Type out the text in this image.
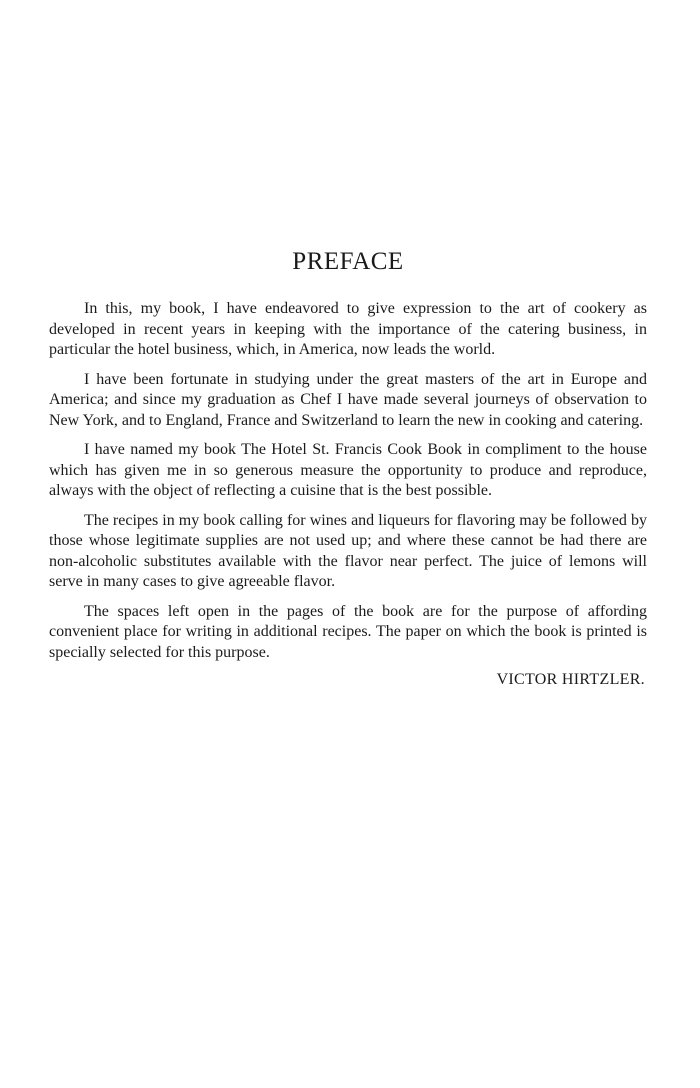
PREFACE

In this, my book, I have endeavored to give expression to the art of cookery as developed in recent years in keeping with the importance of the catering business, in particular the hotel business, which, in America, now leads the world.

I have been fortunate in studying under the great masters of the art in Europe and America; and since my graduation as Chef I have made several journeys of observation to New York, and to England, France and Switzerland to learn the new in cooking and catering.

I have named my book The Hotel St. Francis Cook Book in compliment to the house which has given me in so generous measure the opportunity to produce and reproduce, always with the object of reflecting a cuisine that is the best possible.

The recipes in my book calling for wines and liqueurs for flavoring may be followed by those whose legitimate supplies are not used up; and where these cannot be had there are non-alcoholic substitutes available with the flavor near perfect. The juice of lemons will serve in many cases to give agreeable flavor.

The spaces left open in the pages of the book are for the purpose of affording convenient place for writing in additional recipes. The paper on which the book is printed is specially selected for this purpose.

VICTOR HIRTZLER.
